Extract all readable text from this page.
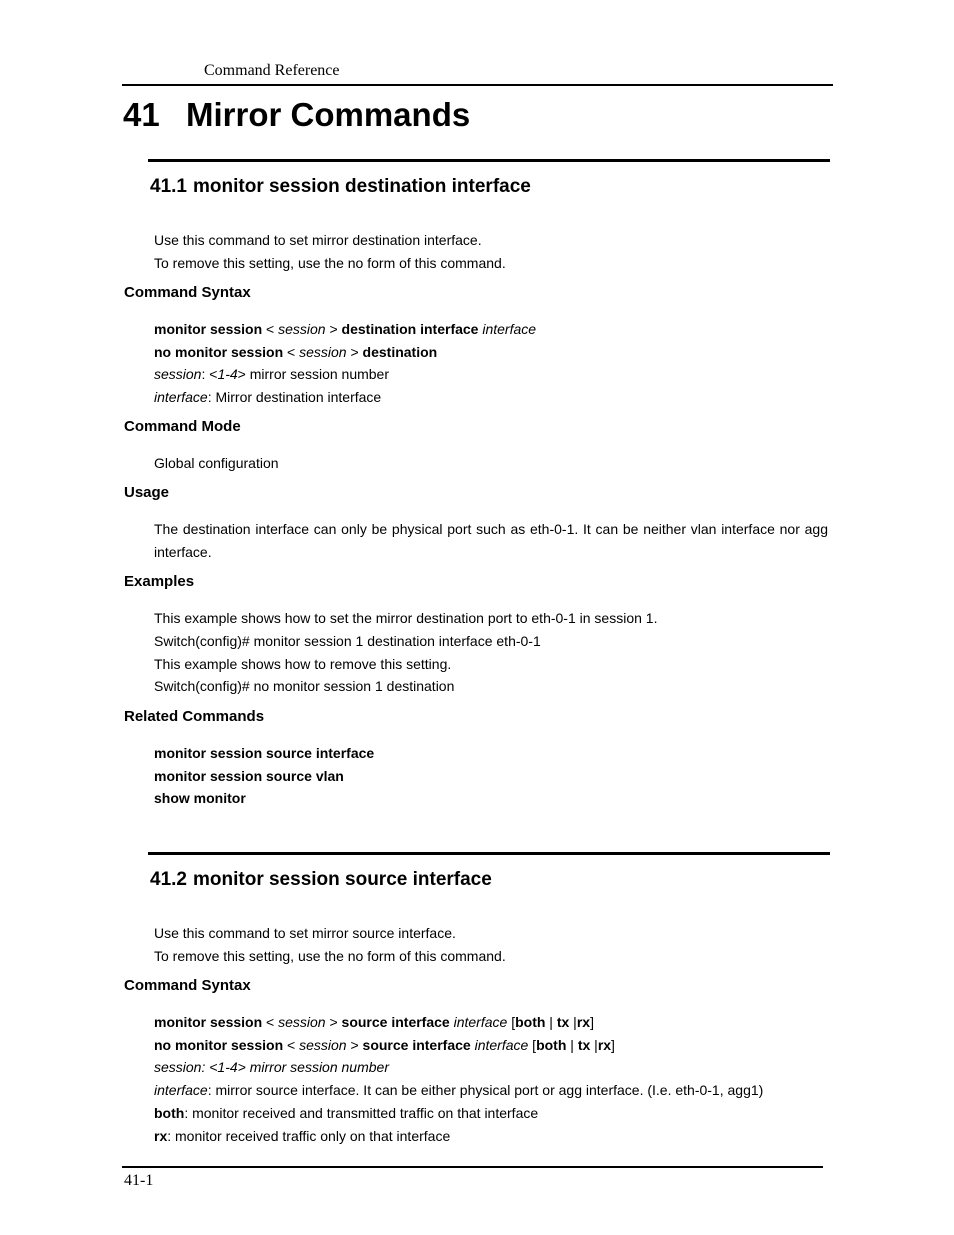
Command Reference
41 Mirror Commands
41.1 monitor session destination interface
Use this command to set mirror destination interface.
To remove this setting, use the no form of this command.
Command Syntax
monitor session < session > destination interface interface
no monitor session < session > destination
session: <1-4> mirror session number
interface: Mirror destination interface
Command Mode
Global configuration
Usage
The destination interface can only be physical port such as eth-0-1. It can be neither vlan interface nor agg interface.
Examples
This example shows how to set the mirror destination port to eth-0-1 in session 1.
Switch(config)# monitor session 1 destination interface eth-0-1
This example shows how to remove this setting.
Switch(config)# no monitor session 1 destination
Related Commands
monitor session source interface
monitor session source vlan
show monitor
41.2 monitor session source interface
Use this command to set mirror source interface.
To remove this setting, use the no form of this command.
Command Syntax
monitor session < session > source interface interface [both | tx |rx]
no monitor session < session > source interface interface [both | tx |rx]
session: <1-4> mirror session number
interface: mirror source interface. It can be either physical port or agg interface. (I.e. eth-0-1, agg1)
both: monitor received and transmitted traffic on that interface
rx: monitor received traffic only on that interface
41-1
